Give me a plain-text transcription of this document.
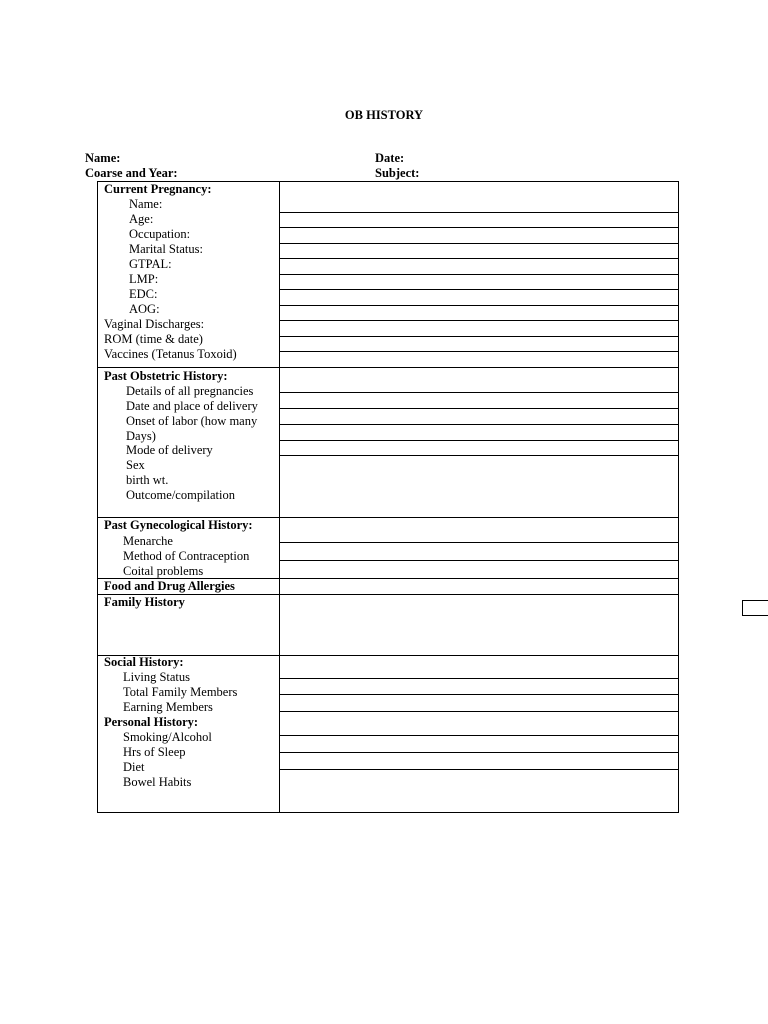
OB HISTORY
Name:
Coarse and Year:
Date:
Subject:
Current Pregnancy:
Name:
Age:
Occupation:
Marital Status:
GTPAL:
LMP:
EDC:
AOG:
Vaginal Discharges:
ROM (time & date)
Vaccines (Tetanus Toxoid)
Past Obstetric History:
Details of all pregnancies
Date and place of delivery
Onset of labor (how many
Days)
Mode of delivery
Sex
birth wt.
Outcome/compilation
Past Gynecological History:
Menarche
Method of Contraception
Coital problems
Food and Drug Allergies
Family History
Social History:
Living Status
Total Family Members
Earning Members
Personal History:
Smoking/Alcohol
Hrs of Sleep
Diet
Bowel Habits
